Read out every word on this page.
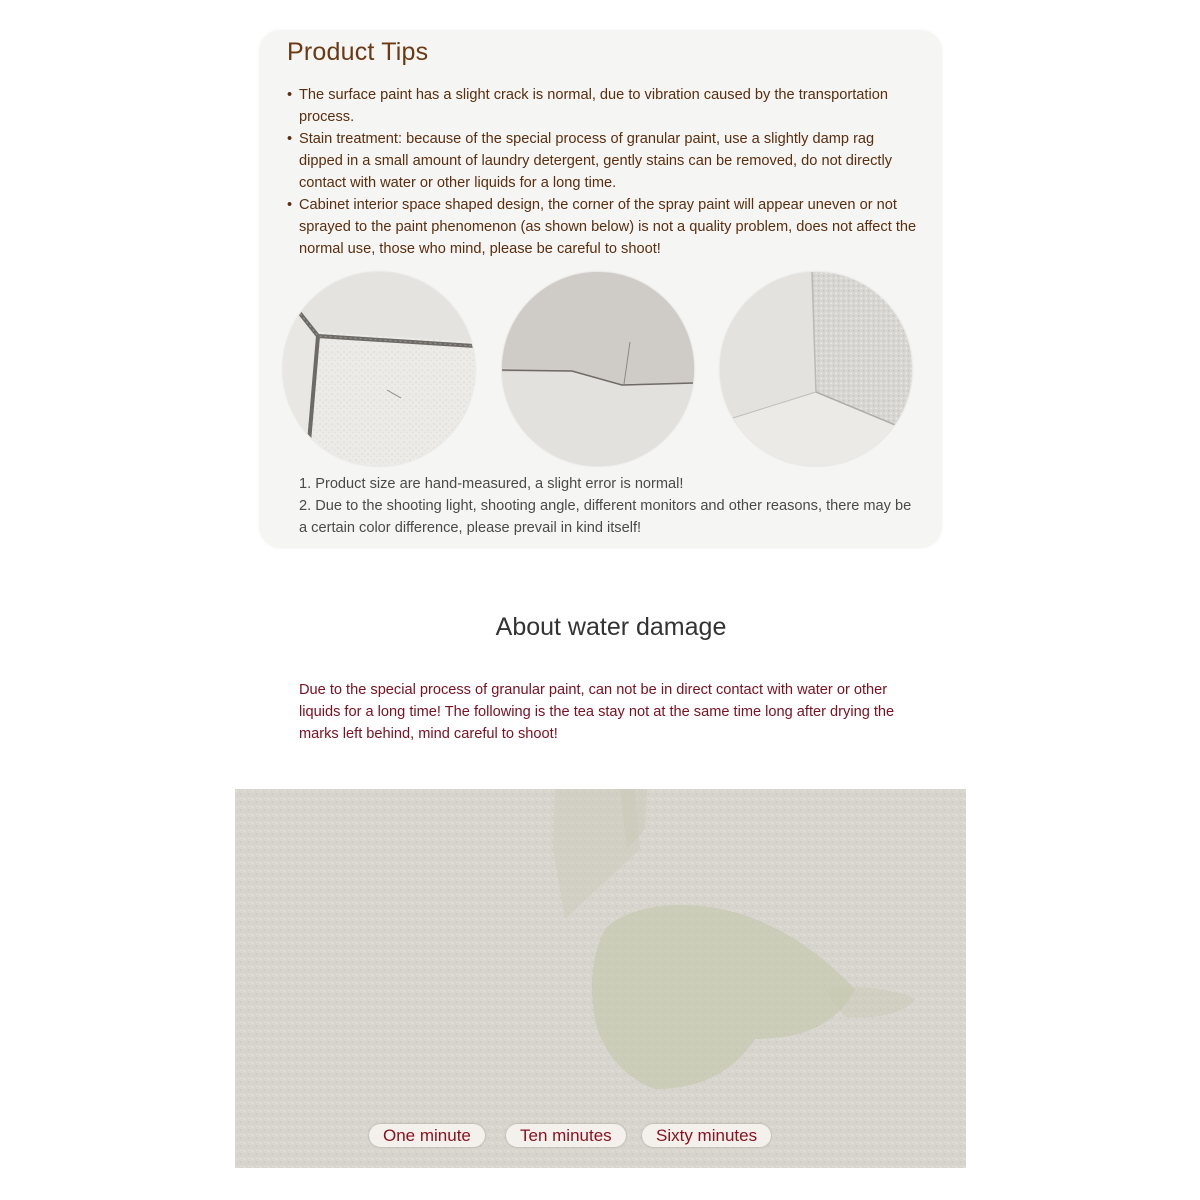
Product Tips
• The surface paint has a slight crack is normal, due to vibration caused by the transportation process.
• Stain treatment: because of the special process of granular paint, use a slightly damp rag dipped in a small amount of laundry detergent, gently stains can be removed, do not directly contact with water or other liquids for a long time.
• Cabinet interior space shaped design, the corner of the spray paint will appear uneven or not sprayed to the paint phenomenon (as shown below) is not a quality problem, does not affect the normal use, those who mind, please be careful to shoot!
1. Product size are hand-measured, a slight error is normal!
2. Due to the shooting light, shooting angle, different monitors and other reasons, there may be a certain color difference, please prevail in kind itself!
About water damage

Due to the special process of granular paint, can not be in direct contact with water or other liquids for a long time! The following is the tea stay not at the same time long after drying the marks left behind, mind careful to shoot!

One minute	Ten minutes	Sixty minutes
